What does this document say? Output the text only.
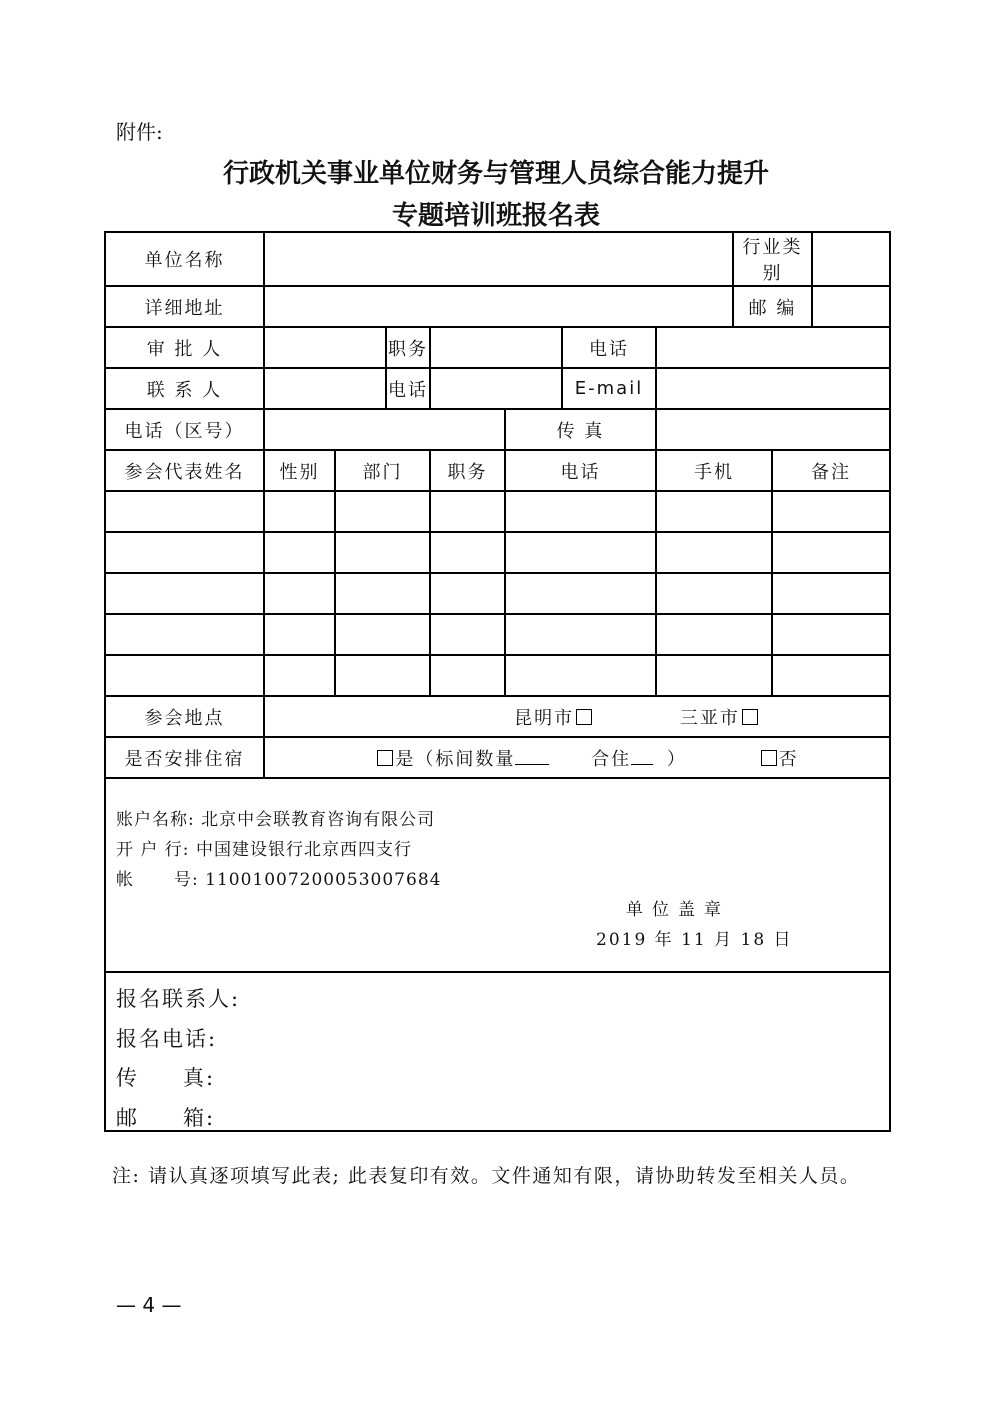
附件:
行政机关事业单位财务与管理人员综合能力提升
专题培训班报名表
单位名称								行业类别		
详细地址								邮 编		
审 批 人			职务			电话				
联 系 人			电话			E-mail				
电话（区号）					传 真					
参会代表姓名	性别	部门		职务	电话		手机		备注	

参会地点	昆明市 三亚市									
是否安排住宿	是（标间数量 合住 ） 否									

账户名称: 北京中会联教育咨询有限公司
开 户 行: 中国建设银行北京西四支行
帐 号: 11001007200053007684
单位盖章
2019 年 11 月 18 日										

报名联系人:
报名电话:
传 真:
邮 箱:										
注: 请认真逐项填写此表; 此表复印有效。文件通知有限，请协助转发至相关人员。
— 4 —
